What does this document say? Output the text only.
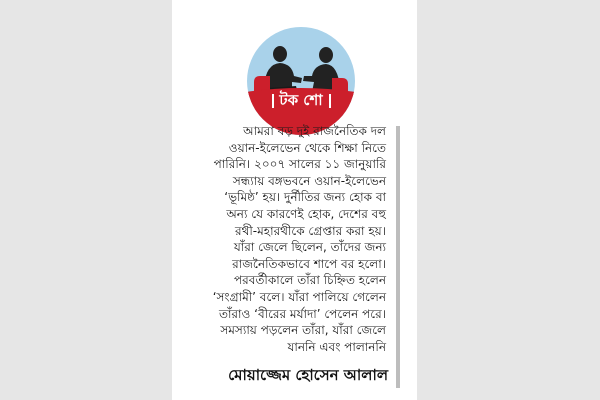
টক শো

আমরা বড় দুই রাজনৈতিক দল
ওয়ান-ইলেভেন থেকে শিক্ষা নিতে
পারিনি। ২০০৭ সালের ১১ জানুয়ারি
সন্ধ্যায় বঙ্গভবনে ওয়ান-ইলেভেন
‘ভূমিষ্ঠ’ হয়। দুর্নীতির জন্য হোক বা
অন্য যে কারণেই হোক, দেশের বহু
রথী-মহারথীকে গ্রেপ্তার করা হয়।
যাঁরা জেলে ছিলেন, তাঁদের জন্য
রাজনৈতিকভাবে শাপে বর হলো।
পরবর্তীকালে তাঁরা চিহ্নিত হলেন
‘সংগ্রামী’ বলে। যাঁরা পালিয়ে গেলেন
তাঁরাও ‘বীরের মর্যাদা’ পেলেন পরে।
সমস্যায় পড়লেন তাঁরা, যাঁরা জেলে
যাননি এবং পালাননি

মোয়াজ্জেম হোসেন আলাল
